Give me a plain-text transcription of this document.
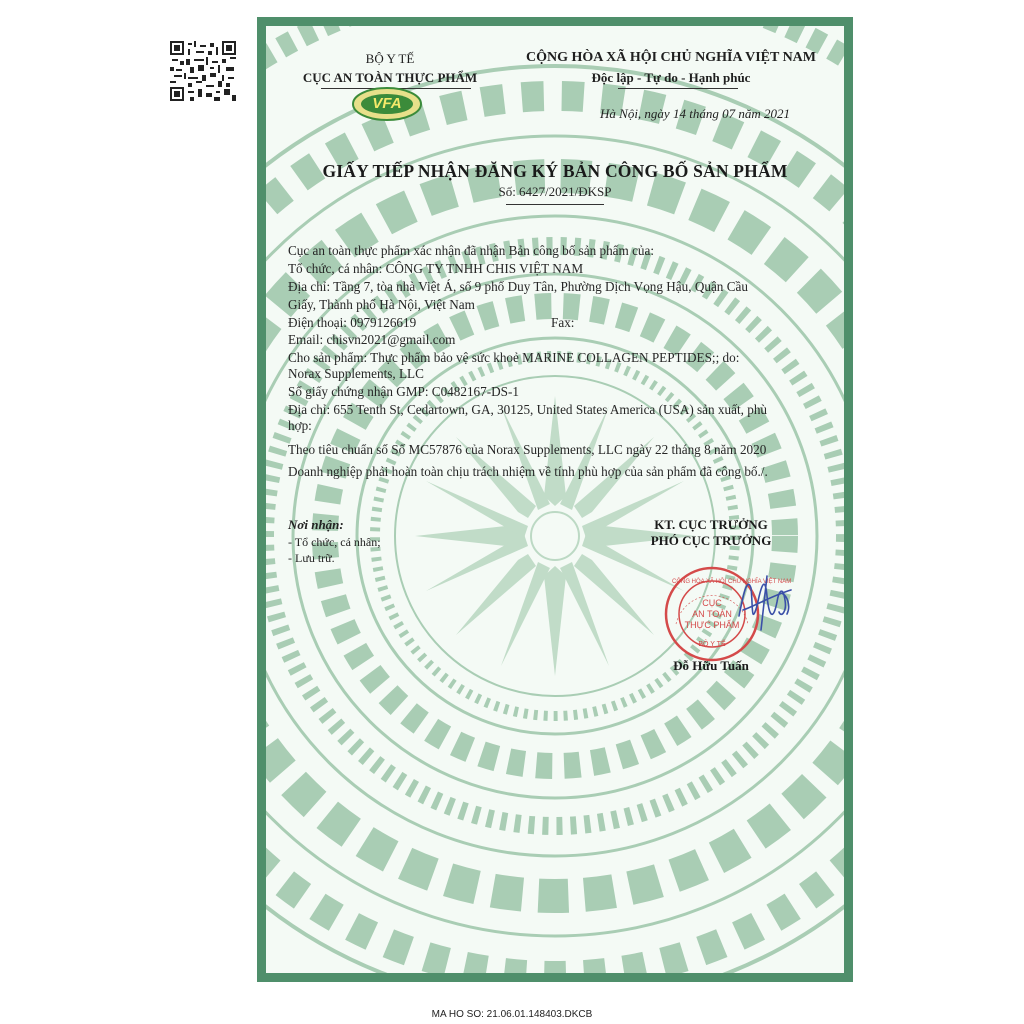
BỘ Y TẾ
CỤC AN TOÀN THỰC PHẨM
VFA
CỘNG HÒA XÃ HỘI CHỦ NGHĨA VIỆT NAM
Độc lập - Tự do - Hạnh phúc
Hà Nội, ngày 14 tháng 07 năm 2021
GIẤY TIẾP NHẬN ĐĂNG KÝ BẢN CÔNG BỐ SẢN PHẨM
Số: 6427/2021/ĐKSP
Cục an toàn thực phẩm xác nhận đã nhận Bản công bố sản phẩm của:
Tổ chức, cá nhân: CÔNG TY TNHH CHIS VIỆT NAM
Địa chỉ: Tầng 7, tòa nhà Việt Á, số 9 phố Duy Tân, Phường Dịch Vọng Hậu, Quận Cầu
Giấy, Thành phố Hà Nội, Việt Nam
Điện thoại: 0979126619	Fax:
Email: chisvn2021@gmail.com
Cho sản phẩm: Thực phẩm bảo vệ sức khoẻ MARINE COLLAGEN PEPTIDES;; do:
Norax Supplements, LLC
Số giấy chứng nhận GMP: C0482167-DS-1
Địa chỉ: 655 Tenth St, Cedartown, GA, 30125, United States America (USA) sản xuất, phù
hợp:
Theo tiêu chuẩn số Số MC57876 của Norax Supplements, LLC ngày 22 tháng 8 năm 2020
Doanh nghiệp phải hoàn toàn chịu trách nhiệm về tính phù hợp của sản phẩm đã công bố./.
Nơi nhận:
- Tổ chức, cá nhân;
- Lưu trữ.
KT. CỤC TRƯỞNG
PHÓ CỤC TRƯỞNG
CỘNG HÒA XÃ HỘI CHỦ NGHĨA VIỆT NAM
CỤC
AN TOÀN
THỰC PHẨM
BỘ Y TẾ
Đỗ Hữu Tuấn
MA HO SO: 21.06.01.148403.DKCB
